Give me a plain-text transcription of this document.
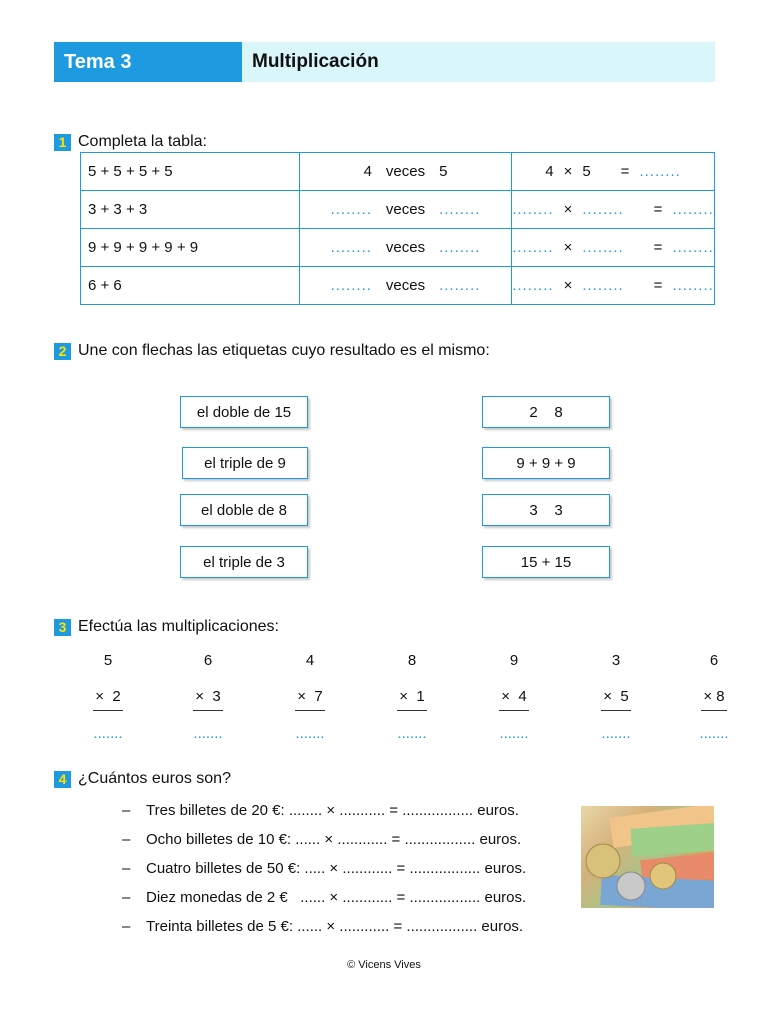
Tema 3	Multiplicación
1 Completa la tabla:
5 + 5 + 5 + 5	4 veces 5	4 × 5 = ........
3 + 3 + 3	........ veces ........	........ × ........ = ........
9 + 9 + 9 + 9 + 9	........ veces ........	........ × ........ = ........
6 + 6	........ veces ........	........ × ........ = ........
2 Une con flechas las etiquetas cuyo resultado es el mismo:
el doble de 15
el triple de 9
el doble de 8
el triple de 3
2    8
9 + 9 + 9
3    3
15 + 15
3 Efectúa las multiplicaciones:
5
×  2
.......
6
×  3
.......
4
×  7
.......
8
×  1
.......
9
×  4
.......
3
×  5
.......
6
× 8
.......
4 ¿Cuántos euros son?
– Tres billetes de 20 €: ........ × ........... = ................. euros.
– Ocho billetes de 10 €: ...... × ............ = ................. euros.
– Cuatro billetes de 50 €: ..... × ............ = ................. euros.
– Diez monedas de 2 €   ...... × ............ = ................. euros.
– Treinta billetes de 5 €: ...... × ............ = ................. euros.
© Vicens Vives
